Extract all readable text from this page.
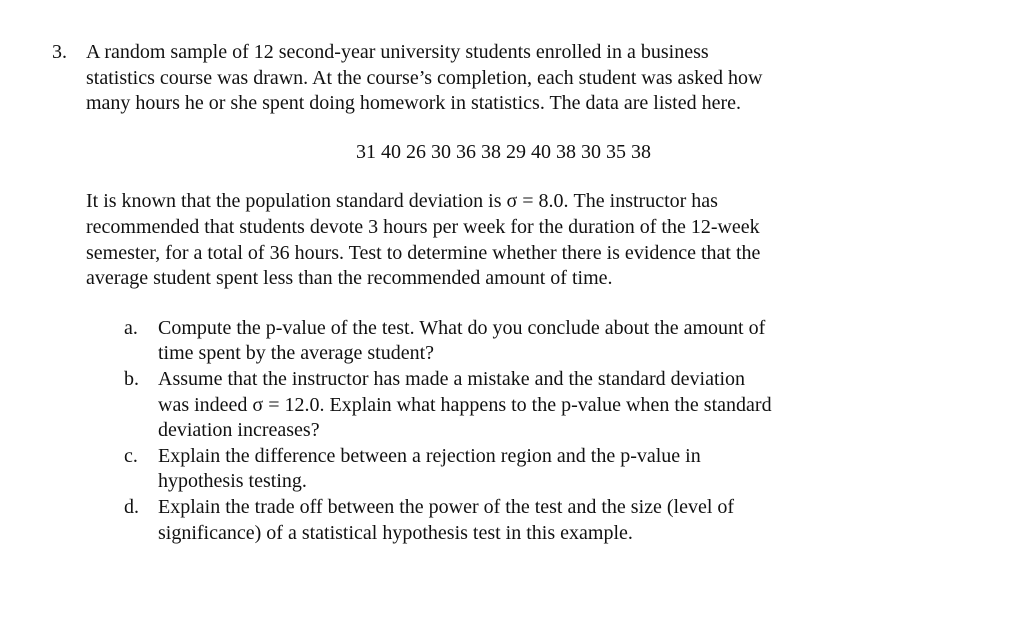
3. A random sample of 12 second-year university students enrolled in a business
statistics course was drawn. At the course’s completion, each student was asked how
many hours he or she spent doing homework in statistics. The data are listed here.

31 40 26 30 36 38 29 40 38 30 35 38

It is known that the population standard deviation is σ = 8.0. The instructor has
recommended that students devote 3 hours per week for the duration of the 12-week
semester, for a total of 36 hours. Test to determine whether there is evidence that the
average student spent less than the recommended amount of time.

a. Compute the p-value of the test. What do you conclude about the amount of
time spent by the average student?
b. Assume that the instructor has made a mistake and the standard deviation
was indeed σ = 12.0. Explain what happens to the p-value when the standard
deviation increases?
c. Explain the difference between a rejection region and the p-value in
hypothesis testing.
d. Explain the trade off between the power of the test and the size (level of
significance) of a statistical hypothesis test in this example.
